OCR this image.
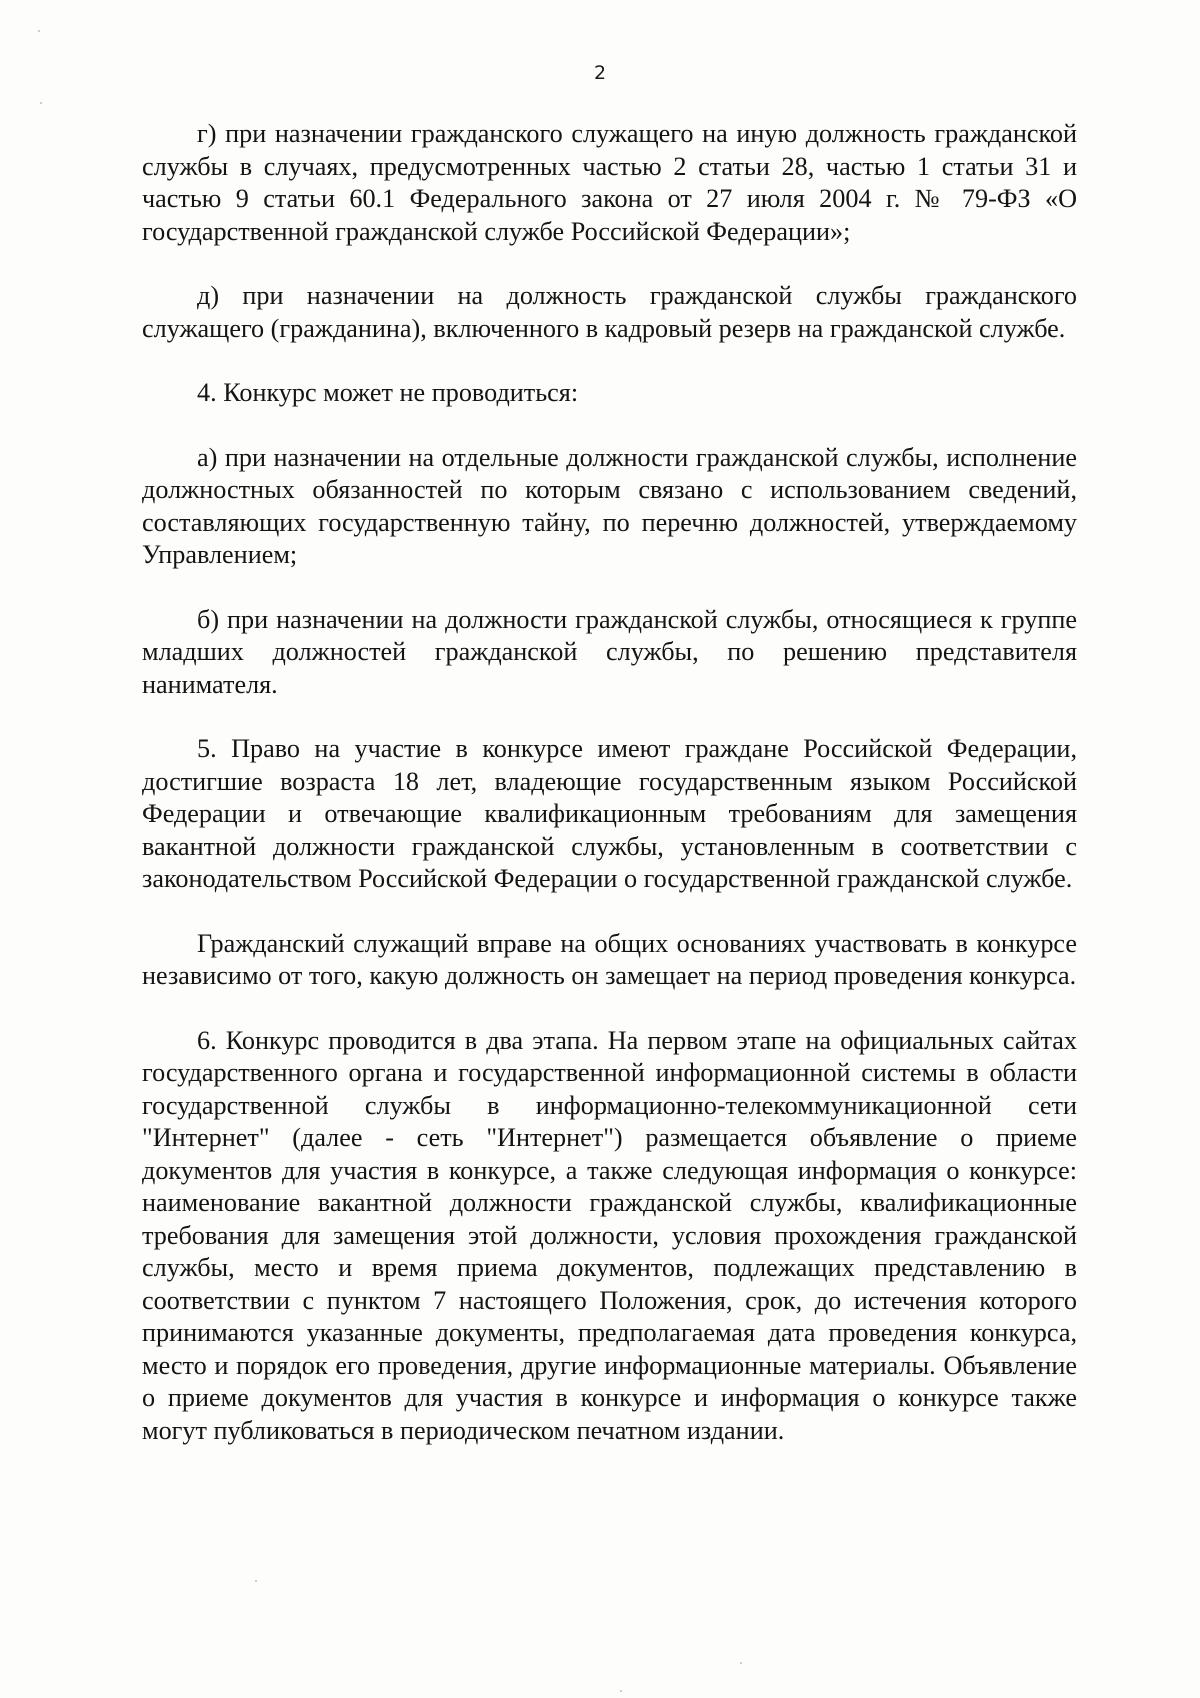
2

г) при назначении гражданского служащего на иную должность гражданской службы в случаях, предусмотренных частью 2 статьи 28, частью 1 статьи 31 и частью 9 статьи 60.1 Федерального закона от 27 июля 2004 г. № 79-ФЗ «О государственной гражданской службе Российской Федерации»;

д) при назначении на должность гражданской службы гражданского служащего (гражданина), включенного в кадровый резерв на гражданской службе.

4. Конкурс может не проводиться:

а) при назначении на отдельные должности гражданской службы, исполнение должностных обязанностей по которым связано с использованием сведений, составляющих государственную тайну, по перечню должностей, утверждаемому Управлением;

б) при назначении на должности гражданской службы, относящиеся к группе младших должностей гражданской службы, по решению представителя нанимателя.

5. Право на участие в конкурсе имеют граждане Российской Федерации, достигшие возраста 18 лет, владеющие государственным языком Российской Федерации и отвечающие квалификационным требованиям для замещения вакантной должности гражданской службы, установленным в соответствии с законодательством Российской Федерации о государственной гражданской службе.

Гражданский служащий вправе на общих основаниях участвовать в конкурсе независимо от того, какую должность он замещает на период проведения конкурса.

6. Конкурс проводится в два этапа. На первом этапе на официальных сайтах государственного органа и государственной информационной системы в области государственной службы в информационно-телекоммуникационной сети "Интернет" (далее - сеть "Интернет") размещается объявление о приеме документов для участия в конкурсе, а также следующая информация о конкурсе: наименование вакантной должности гражданской службы, квалификационные требования для замещения этой должности, условия прохождения гражданской службы, место и время приема документов, подлежащих представлению в соответствии с пунктом 7 настоящего Положения, срок, до истечения которого принимаются указанные документы, предполагаемая дата проведения конкурса, место и порядок его проведения, другие информационные материалы. Объявление о приеме документов для участия в конкурсе и информация о конкурсе также могут публиковаться в периодическом печатном издании.
